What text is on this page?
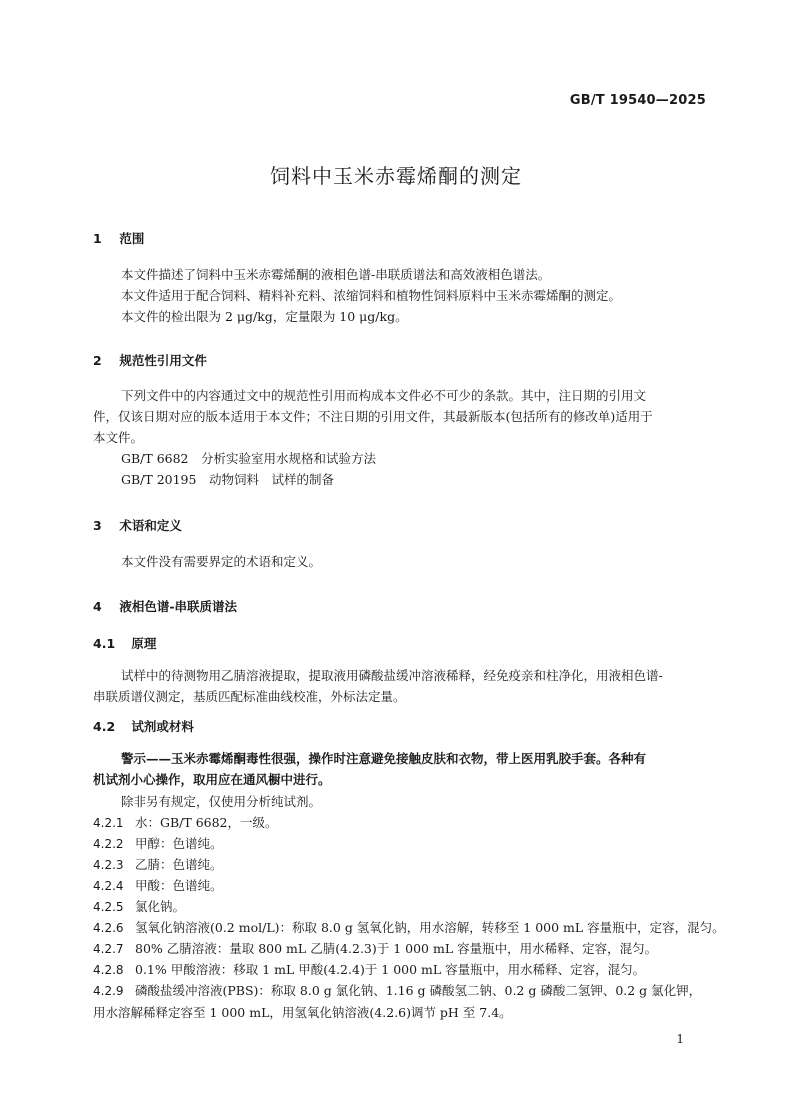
GB/T 19540—2025
饲料中玉米赤霉烯酮的测定
1 范围
本文件描述了饲料中玉米赤霉烯酮的液相色谱-串联质谱法和高效液相色谱法。
本文件适用于配合饲料、精料补充料、浓缩饲料和植物性饲料原料中玉米赤霉烯酮的测定。
本文件的检出限为 2 μg/kg，定量限为 10 μg/kg。
2 规范性引用文件
下列文件中的内容通过文中的规范性引用而构成本文件必不可少的条款。其中，注日期的引用文
件，仅该日期对应的版本适用于本文件；不注日期的引用文件，其最新版本(包括所有的修改单)适用于
本文件。
GB/T 6682　分析实验室用水规格和试验方法
GB/T 20195　动物饲料　试样的制备
3 术语和定义
本文件没有需要界定的术语和定义。
4 液相色谱-串联质谱法
4.1 原理
试样中的待测物用乙腈溶液提取，提取液用磷酸盐缓冲溶液稀释，经免疫亲和柱净化，用液相色谱-
串联质谱仪测定，基质匹配标准曲线校准，外标法定量。
4.2 试剂或材料
警示——玉米赤霉烯酮毒性很强，操作时注意避免接触皮肤和衣物，带上医用乳胶手套。各种有
机试剂小心操作，取用应在通风橱中进行。
除非另有规定，仅使用分析纯试剂。
4.2.1 水：GB/T 6682，一级。
4.2.2 甲醇：色谱纯。
4.2.3 乙腈：色谱纯。
4.2.4 甲酸：色谱纯。
4.2.5 氯化钠。
4.2.6 氢氧化钠溶液(0.2 mol/L)：称取 8.0 g 氢氧化钠，用水溶解，转移至 1 000 mL 容量瓶中，定容，混匀。
4.2.7 80% 乙腈溶液：量取 800 mL 乙腈(4.2.3)于 1 000 mL 容量瓶中，用水稀释、定容，混匀。
4.2.8 0.1% 甲酸溶液：移取 1 mL 甲酸(4.2.4)于 1 000 mL 容量瓶中，用水稀释、定容，混匀。
4.2.9 磷酸盐缓冲溶液(PBS)：称取 8.0 g 氯化钠、1.16 g 磷酸氢二钠、0.2 g 磷酸二氢钾、0.2 g 氯化钾，
用水溶解稀释定容至 1 000 mL，用氢氧化钠溶液(4.2.6)调节 pH 至 7.4。
1
